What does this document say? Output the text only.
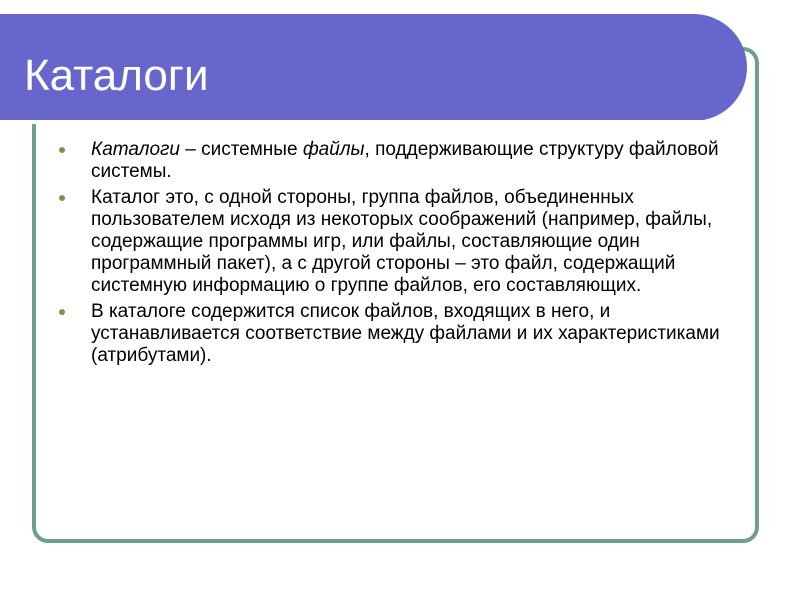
Каталоги
Каталоги – системные файлы, поддерживающие структуру файловой системы.
Каталог это, с одной стороны, группа файлов, объединенных пользователем исходя из некоторых соображений (например, файлы, содержащие программы игр, или файлы, составляющие один программный пакет), а с другой стороны – это файл, содержащий системную информацию о группе файлов, его составляющих.
В каталоге содержится список файлов, входящих в него, и устанавливается соответствие между файлами и их характеристиками (атрибутами).
